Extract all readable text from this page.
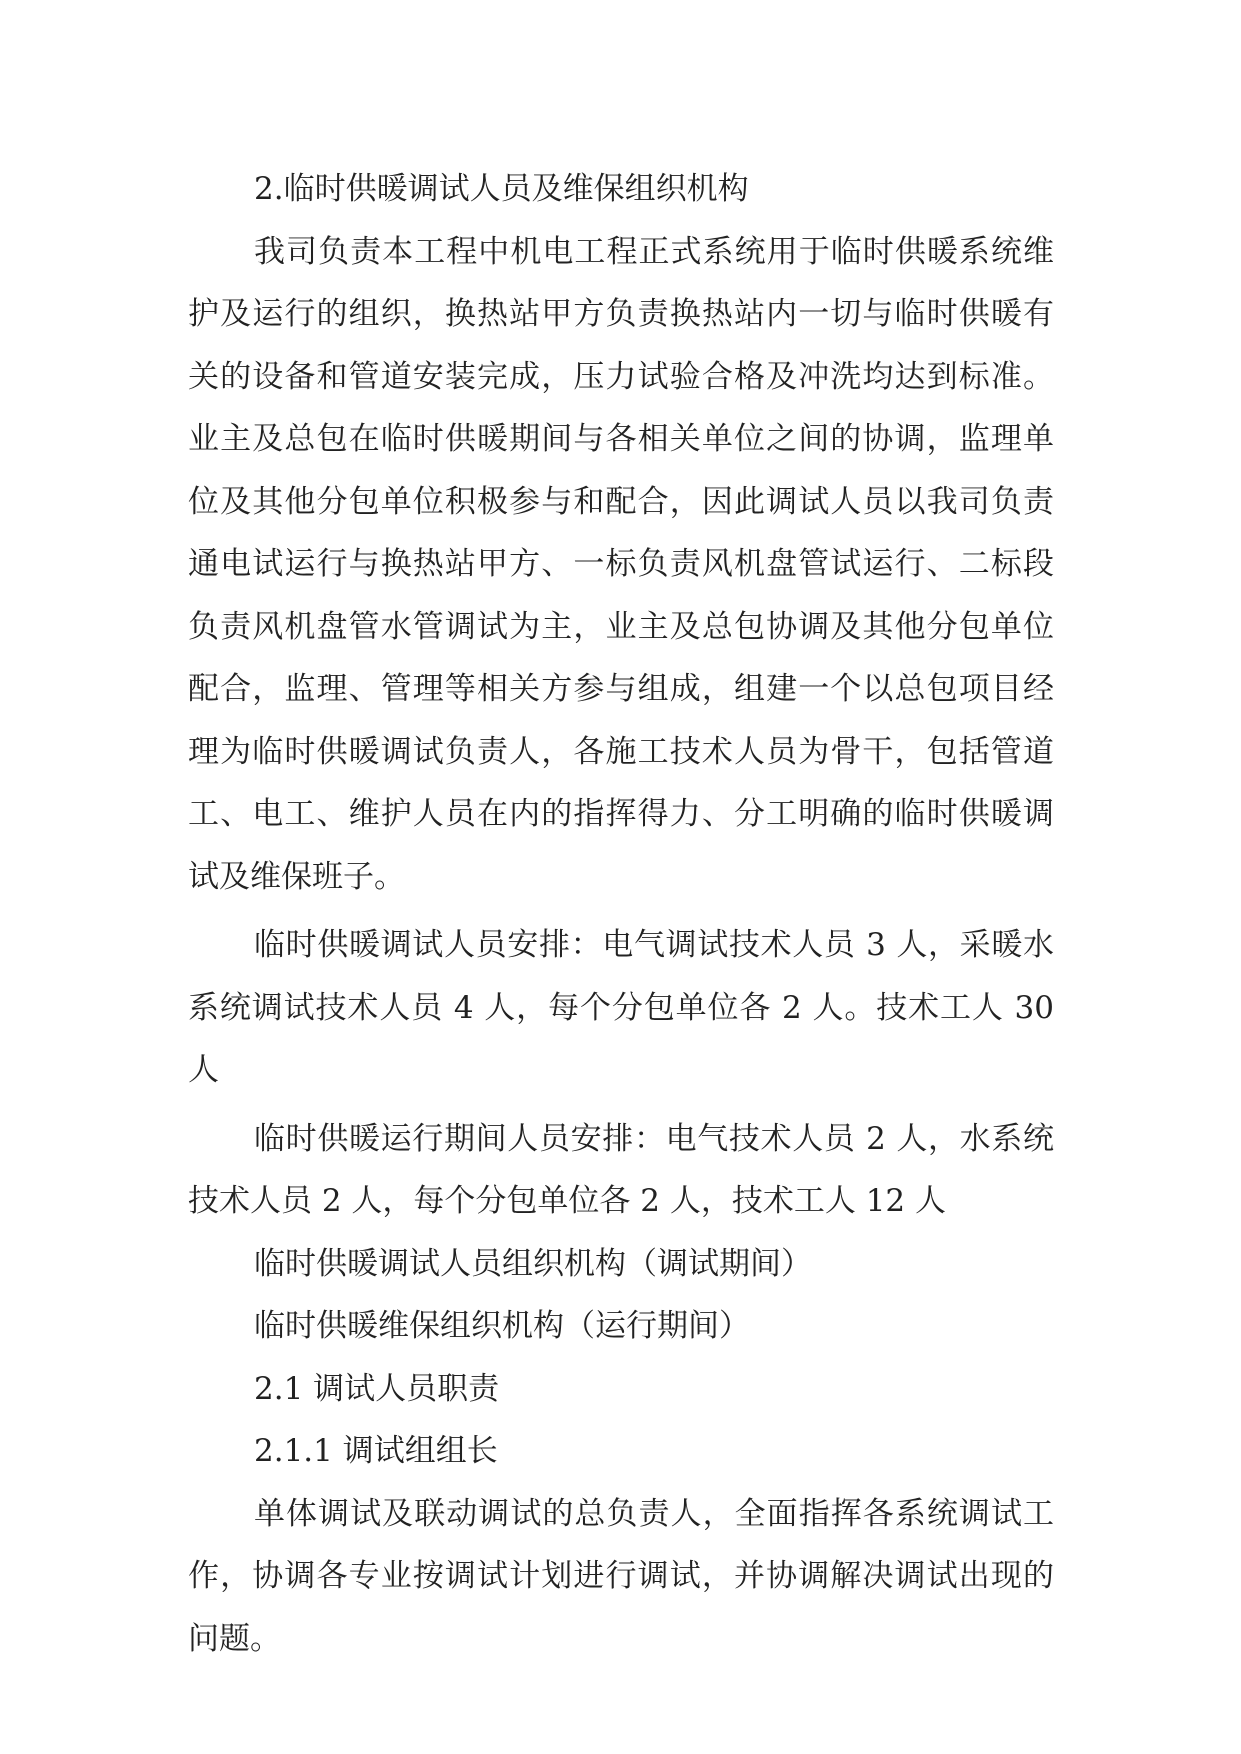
2.临时供暖调试人员及维保组织机构

我司负责本工程中机电工程正式系统用于临时供暖系统维护及运行的组织，换热站甲方负责换热站内一切与临时供暖有关的设备和管道安装完成，压力试验合格及冲洗均达到标准。业主及总包在临时供暖期间与各相关单位之间的协调，监理单位及其他分包单位积极参与和配合，因此调试人员以我司负责通电试运行与换热站甲方、一标负责风机盘管试运行、二标段负责风机盘管水管调试为主，业主及总包协调及其他分包单位配合，监理、管理等相关方参与组成，组建一个以总包项目经理为临时供暖调试负责人，各施工技术人员为骨干，包括管道工、电工、维护人员在内的指挥得力、分工明确的临时供暖调试及维保班子。

临时供暖调试人员安排：电气调试技术人员 3 人，采暖水系统调试技术人员 4 人，每个分包单位各 2 人。技术工人 30 人

临时供暖运行期间人员安排：电气技术人员 2 人，水系统技术人员 2 人，每个分包单位各 2 人，技术工人 12 人

临时供暖调试人员组织机构（调试期间）

临时供暖维保组织机构（运行期间）

2.1 调试人员职责

2.1.1 调试组组长

单体调试及联动调试的总负责人，全面指挥各系统调试工作，协调各专业按调试计划进行调试，并协调解决调试出现的问题。
